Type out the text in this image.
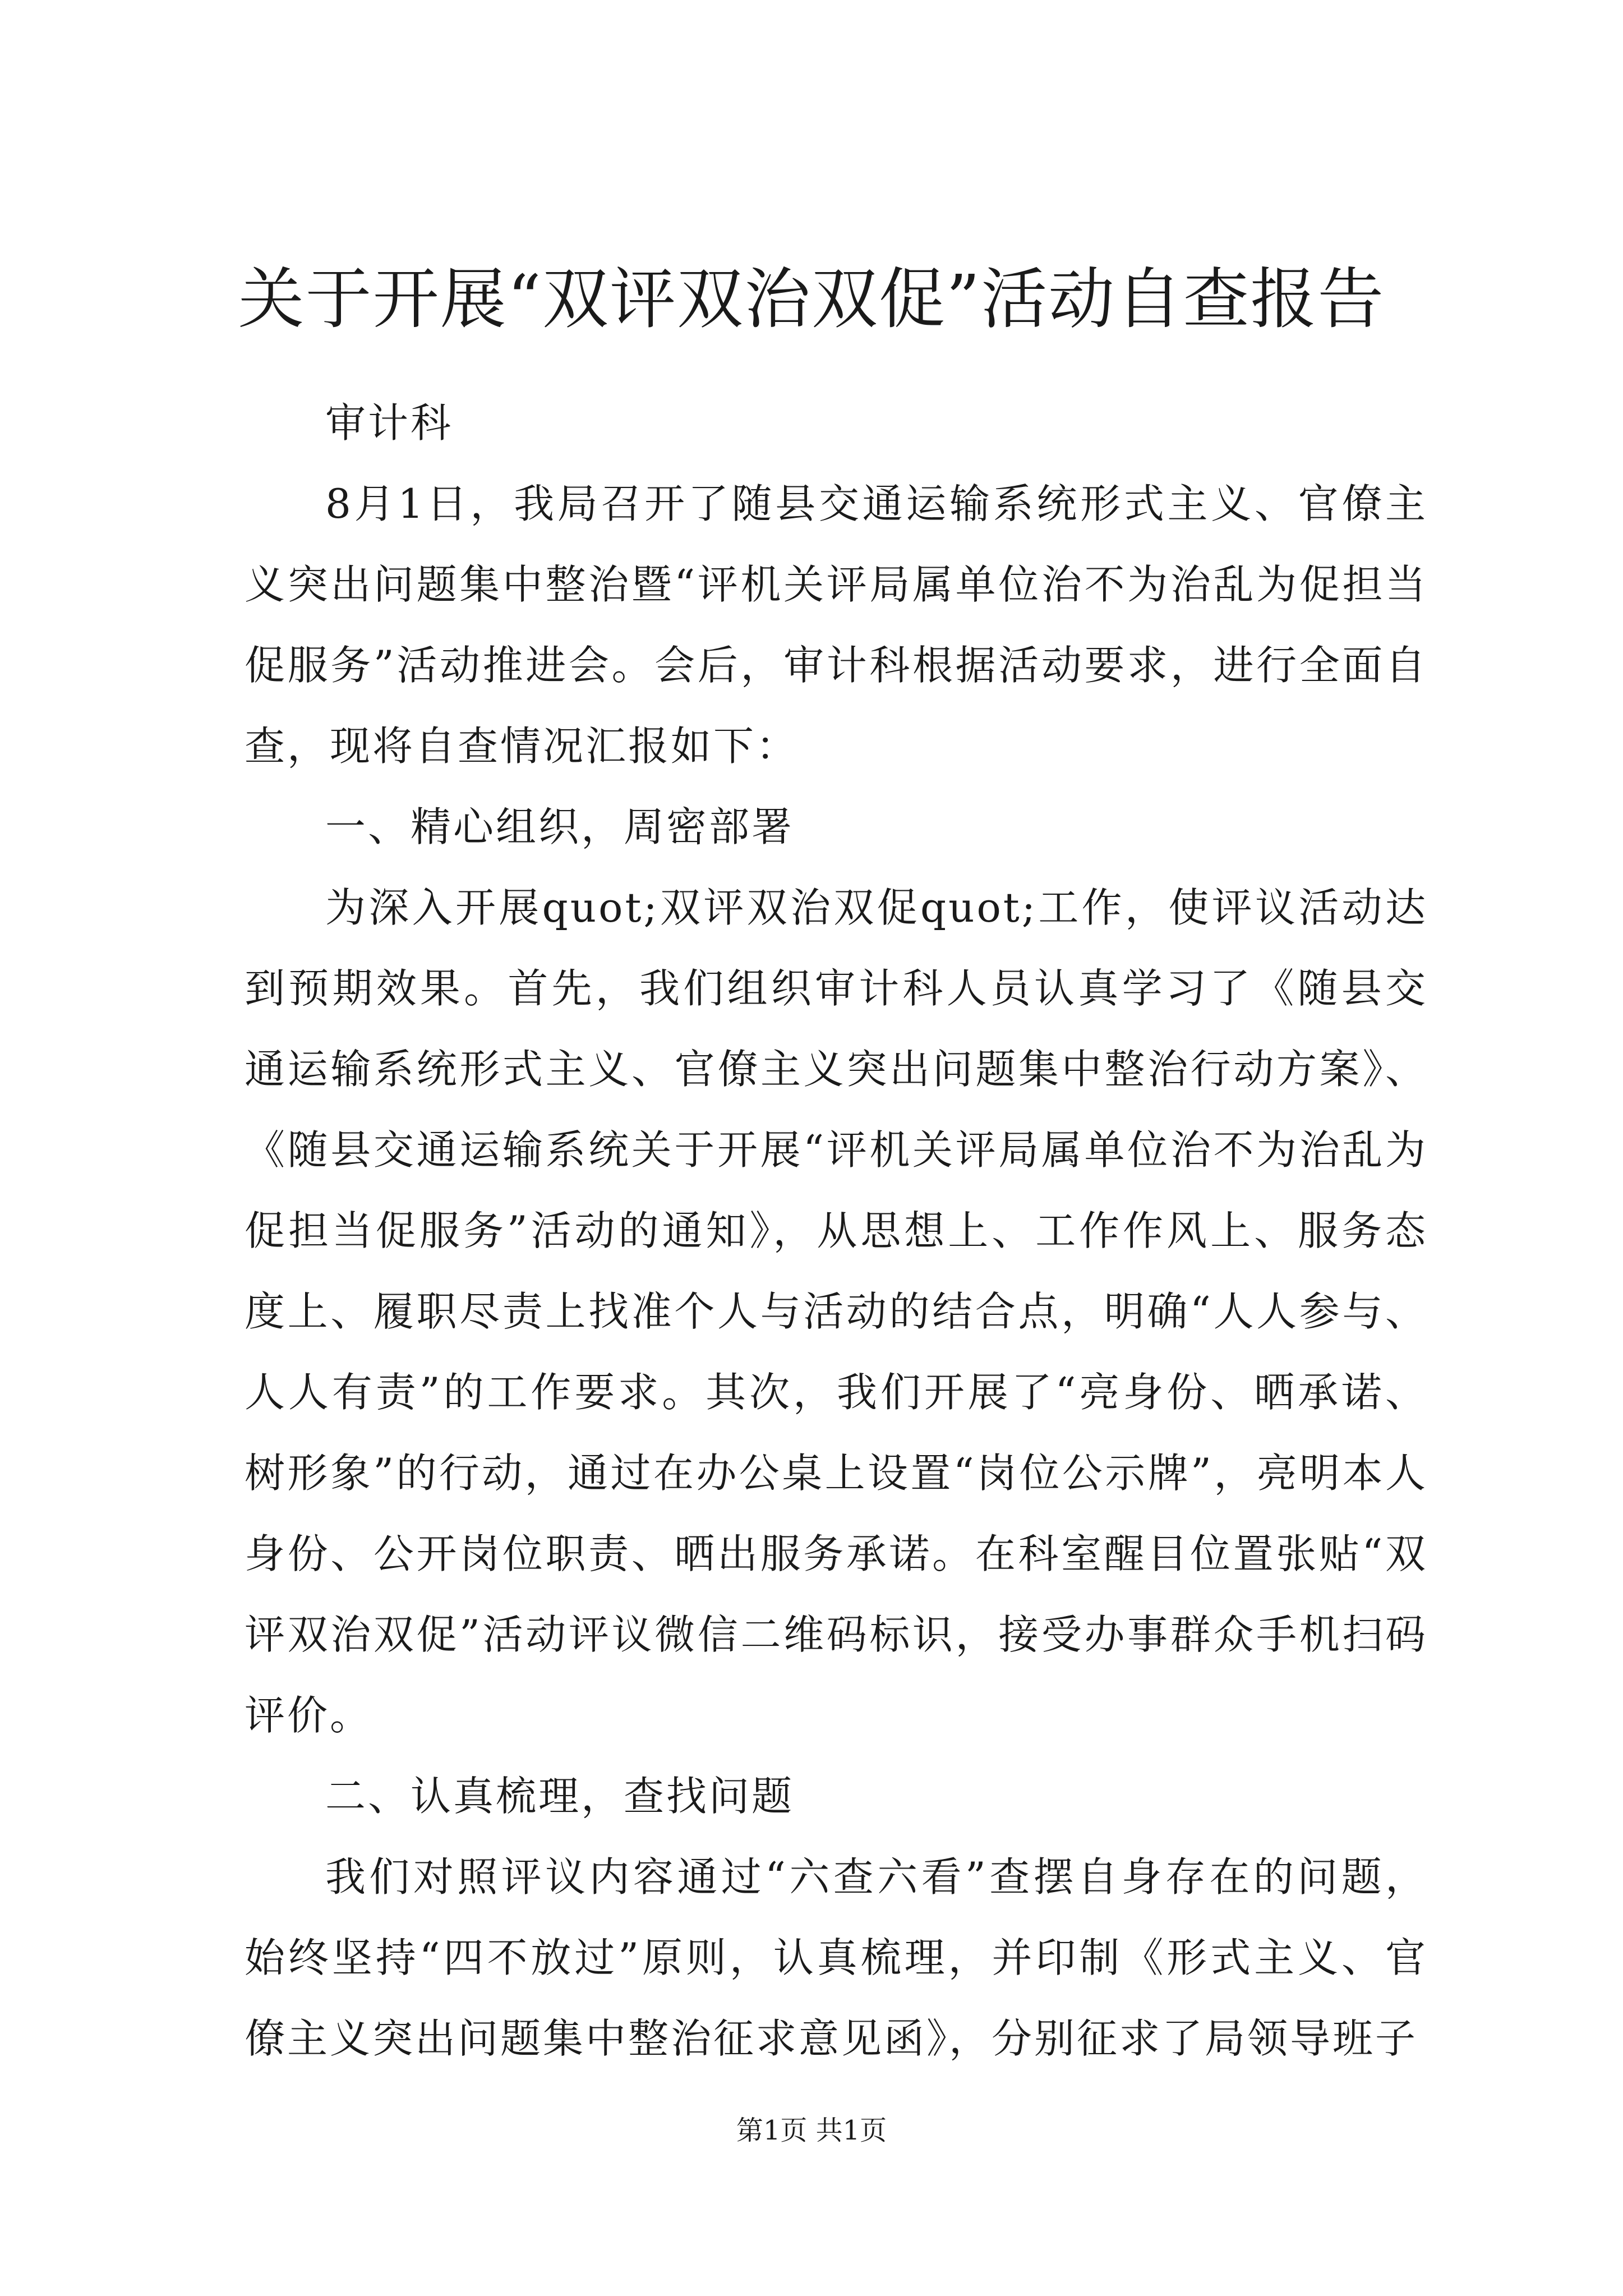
关于开展“双评双治双促”活动自查报告

审计科

8月1日，我局召开了随县交通运输系统形式主义、官僚主义突出问题集中整治暨“评机关评局属单位治不为治乱为促担当促服务”活动推进会。会后，审计科根据活动要求，进行全面自查，现将自查情况汇报如下：

一、精心组织，周密部署

为深入开展quot;双评双治双促quot;工作，使评议活动达到预期效果。首先，我们组织审计科人员认真学习了《随县交通运输系统形式主义、官僚主义突出问题集中整治行动方案》、《随县交通运输系统关于开展“评机关评局属单位治不为治乱为促担当促服务”活动的通知》，从思想上、工作作风上、服务态度上、履职尽责上找准个人与活动的结合点，明确“人人参与、人人有责”的工作要求。其次，我们开展了“亮身份、晒承诺、树形象”的行动，通过在办公桌上设置“岗位公示牌”，亮明本人身份、公开岗位职责、晒出服务承诺。在科室醒目位置张贴“双评双治双促”活动评议微信二维码标识，接受办事群众手机扫码评价。

二、认真梳理，查找问题

我们对照评议内容通过“六查六看”查摆自身存在的问题，始终坚持“四不放过”原则，认真梳理，并印制《形式主义、官僚主义突出问题集中整治征求意见函》，分别征求了局领导班子

第1页 共1页
